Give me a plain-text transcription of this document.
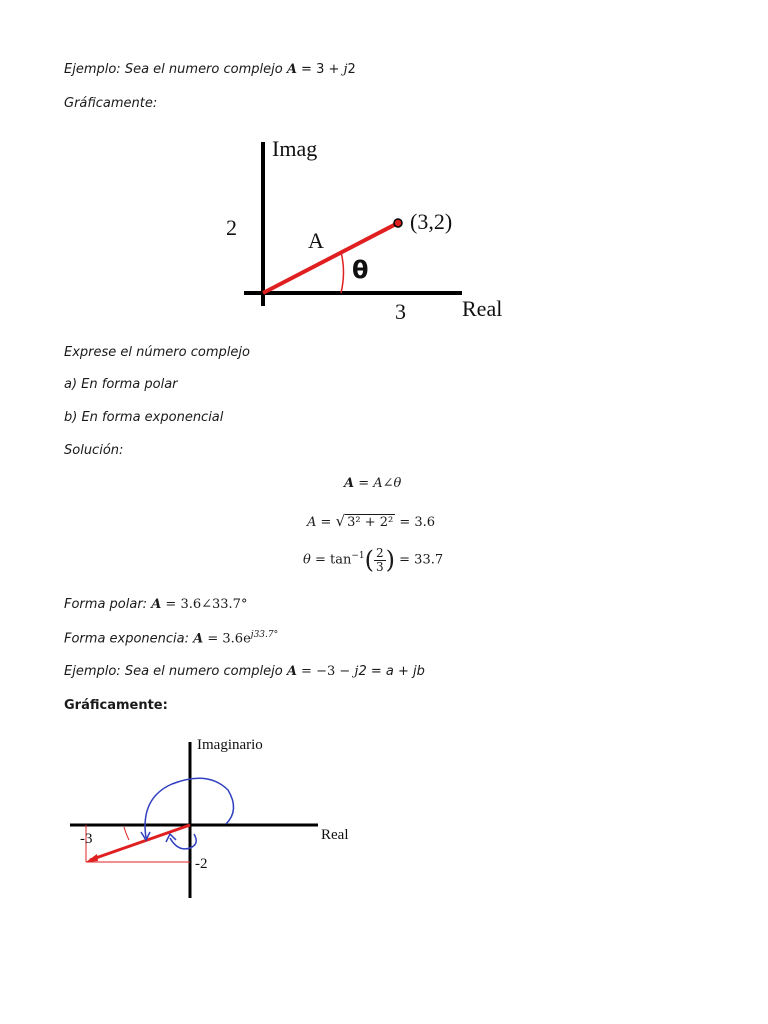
Ejemplo: Sea el numero complejo A = 3 + j2
Gráficamente:
Imag
2
A
(3,2)
θ
3	Real
Exprese el número complejo
a) En forma polar
b) En forma exponencial
Solución:
A = A∠θ
A = √ 3² + 2² = 3.6
$\theta = \tan^{-1}( \frac{2}{3}$ ) = 33.7
Forma polar: A = 3.6∠33.7°
Forma exponencia: $A = 3.6e^{j33.7^\circ}$
Ejemplo: Sea el numero complejo A = −3 − j2 = a + jb
Gráficamente:
Imaginario
Real
-3
-2
